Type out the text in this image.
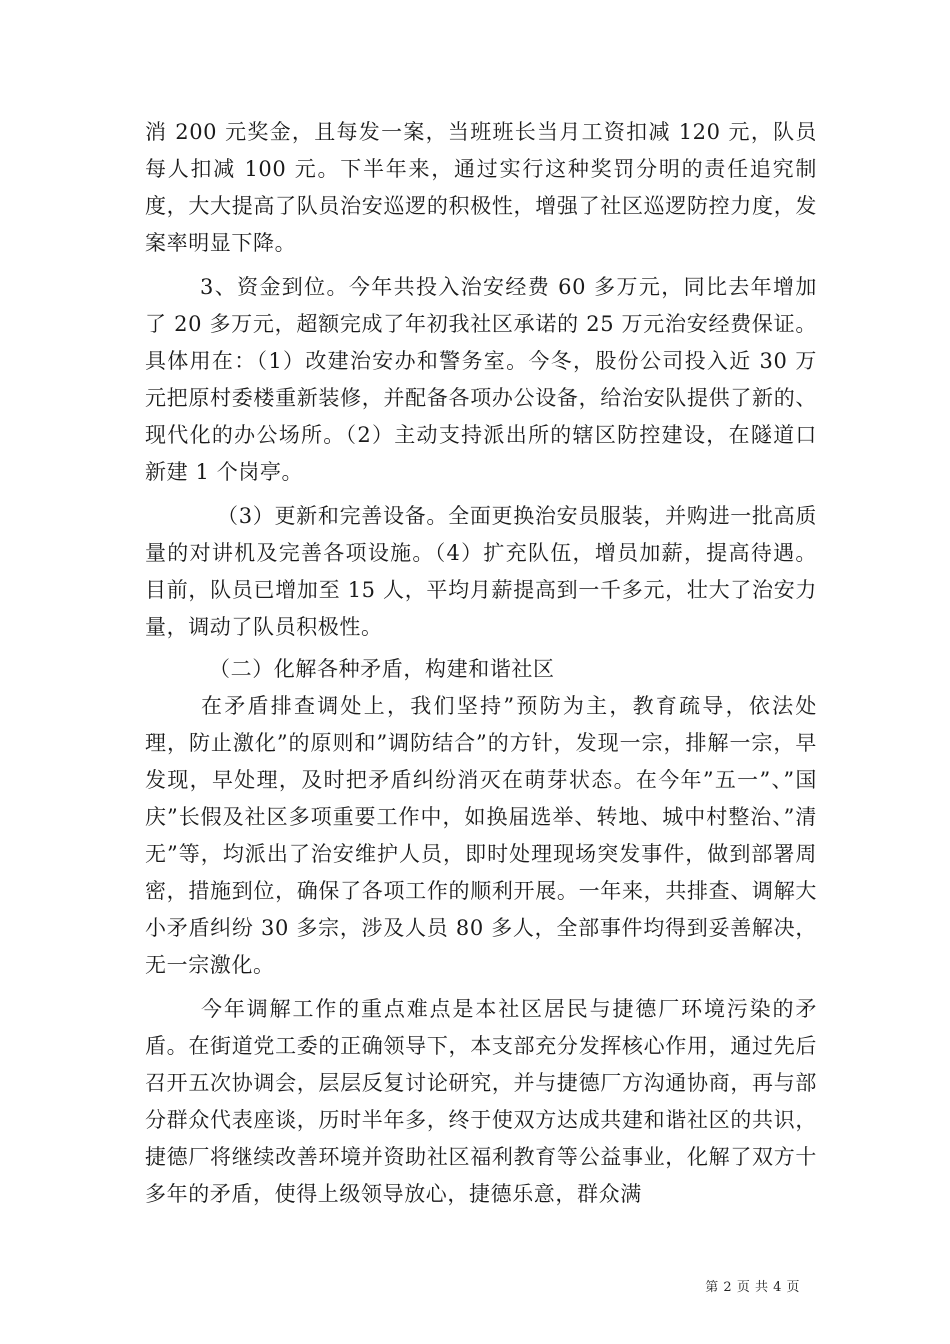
消 200 元奖金，且每发一案，当班班长当月工资扣减 120 元，队员每人扣减 100 元。下半年来，通过实行这种奖罚分明的责任追究制度，大大提高了队员治安巡逻的积极性，增强了社区巡逻防控力度，发案率明显下降。

3、资金到位。今年共投入治安经费 60 多万元，同比去年增加了 20 多万元，超额完成了年初我社区承诺的 25 万元治安经费保证。具体用在：（1）改建治安办和警务室。今冬，股份公司投入近 30 万元把原村委楼重新装修，并配备各项办公设备，给治安队提供了新的、现代化的办公场所。（2）主动支持派出所的辖区防控建设，在隧道口新建 1 个岗亭。

（3）更新和完善设备。全面更换治安员服装，并购进一批高质量的对讲机及完善各项设施。（4）扩充队伍，增员加薪，提高待遇。目前，队员已增加至 15 人，平均月薪提高到一千多元，壮大了治安力量，调动了队员积极性。

（二）化解各种矛盾，构建和谐社区

在矛盾排查调处上，我们坚持”预防为主，教育疏导，依法处理，防止激化”的原则和”调防结合”的方针，发现一宗，排解一宗，早发现，早处理，及时把矛盾纠纷消灭在萌芽状态。在今年”五一”、”国庆”长假及社区多项重要工作中，如换届选举、转地、城中村整治、”清无”等，均派出了治安维护人员，即时处理现场突发事件，做到部署周密，措施到位，确保了各项工作的顺利开展。一年来，共排查、调解大小矛盾纠纷 30 多宗，涉及人员 80 多人，全部事件均得到妥善解决，无一宗激化。

今年调解工作的重点难点是本社区居民与捷德厂环境污染的矛盾。在街道党工委的正确领导下，本支部充分发挥核心作用，通过先后召开五次协调会，层层反复讨论研究，并与捷德厂方沟通协商，再与部分群众代表座谈，历时半年多，终于使双方达成共建和谐社区的共识，捷德厂将继续改善环境并资助社区福利教育等公益事业，化解了双方十多年的矛盾，使得上级领导放心，捷德乐意，群众满

第 2 页 共 4 页
